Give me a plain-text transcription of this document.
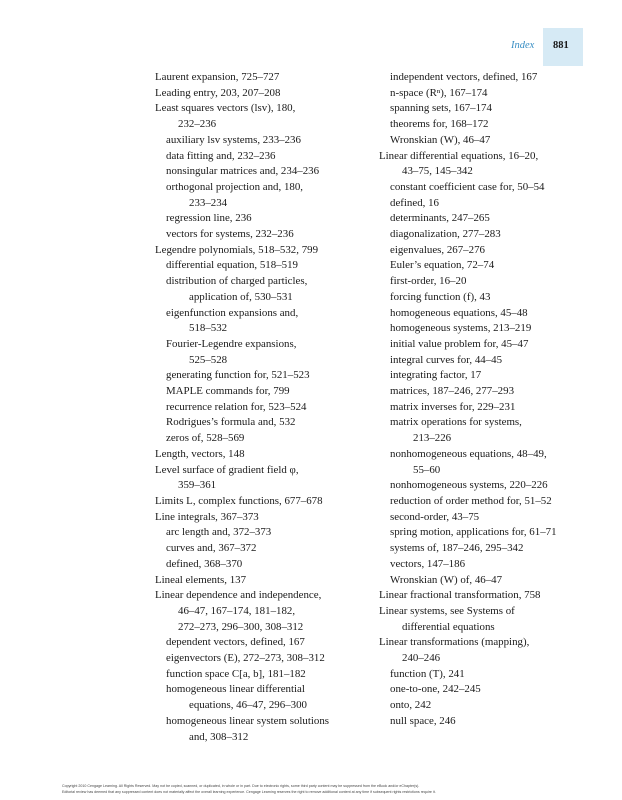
Index 881
Laurent expansion, 725–727
Leading entry, 203, 207–208
Least squares vectors (lsv), 180,
232–236
auxiliary lsv systems, 233–236
data fitting and, 232–236
nonsingular matrices and, 234–236
orthogonal projection and, 180,
233–234
regression line, 236
vectors for systems, 232–236
Legendre polynomials, 518–532, 799
differential equation, 518–519
distribution of charged particles,
application of, 530–531
eigenfunction expansions and,
518–532
Fourier-Legendre expansions,
525–528
generating function for, 521–523
MAPLE commands for, 799
recurrence relation for, 523–524
Rodrigues’s formula and, 532
zeros of, 528–569
Length, vectors, 148
Level surface of gradient field φ,
359–361
Limits L, complex functions, 677–678
Line integrals, 367–373
arc length and, 372–373
curves and, 367–372
defined, 368–370
Lineal elements, 137
Linear dependence and independence,
46–47, 167–174, 181–182,
272–273, 296–300, 308–312
dependent vectors, defined, 167
eigenvectors (E), 272–273, 308–312
function space C[a, b], 181–182
homogeneous linear differential
equations, 46–47, 296–300
homogeneous linear system solutions
and, 308–312
independent vectors, defined, 167
n-space (Rⁿ), 167–174
spanning sets, 167–174
theorems for, 168–172
Wronskian (W), 46–47
Linear differential equations, 16–20,
43–75, 145–342
constant coefficient case for, 50–54
defined, 16
determinants, 247–265
diagonalization, 277–283
eigenvalues, 267–276
Euler’s equation, 72–74
first-order, 16–20
forcing function (f), 43
homogeneous equations, 45–48
homogeneous systems, 213–219
initial value problem for, 45–47
integral curves for, 44–45
integrating factor, 17
matrices, 187–246, 277–293
matrix inverses for, 229–231
matrix operations for systems,
213–226
nonhomogeneous equations, 48–49,
55–60
nonhomogeneous systems, 220–226
reduction of order method for, 51–52
second-order, 43–75
spring motion, applications for, 61–71
systems of, 187–246, 295–342
vectors, 147–186
Wronskian (W) of, 46–47
Linear fractional transformation, 758
Linear systems, see Systems of
differential equations
Linear transformations (mapping),
240–246
function (T), 241
one-to-one, 242–245
onto, 242
null space, 246
Copyright 2010 Cengage Learning. All Rights Reserved. May not be copied, scanned, or duplicated, in whole or in part. Due to electronic rights, some third party content may be suppressed from the eBook and/or eChapter(s).
Editorial review has deemed that any suppressed content does not materially affect the overall learning experience. Cengage Learning reserves the right to remove additional content at any time if subsequent rights restrictions require it.
